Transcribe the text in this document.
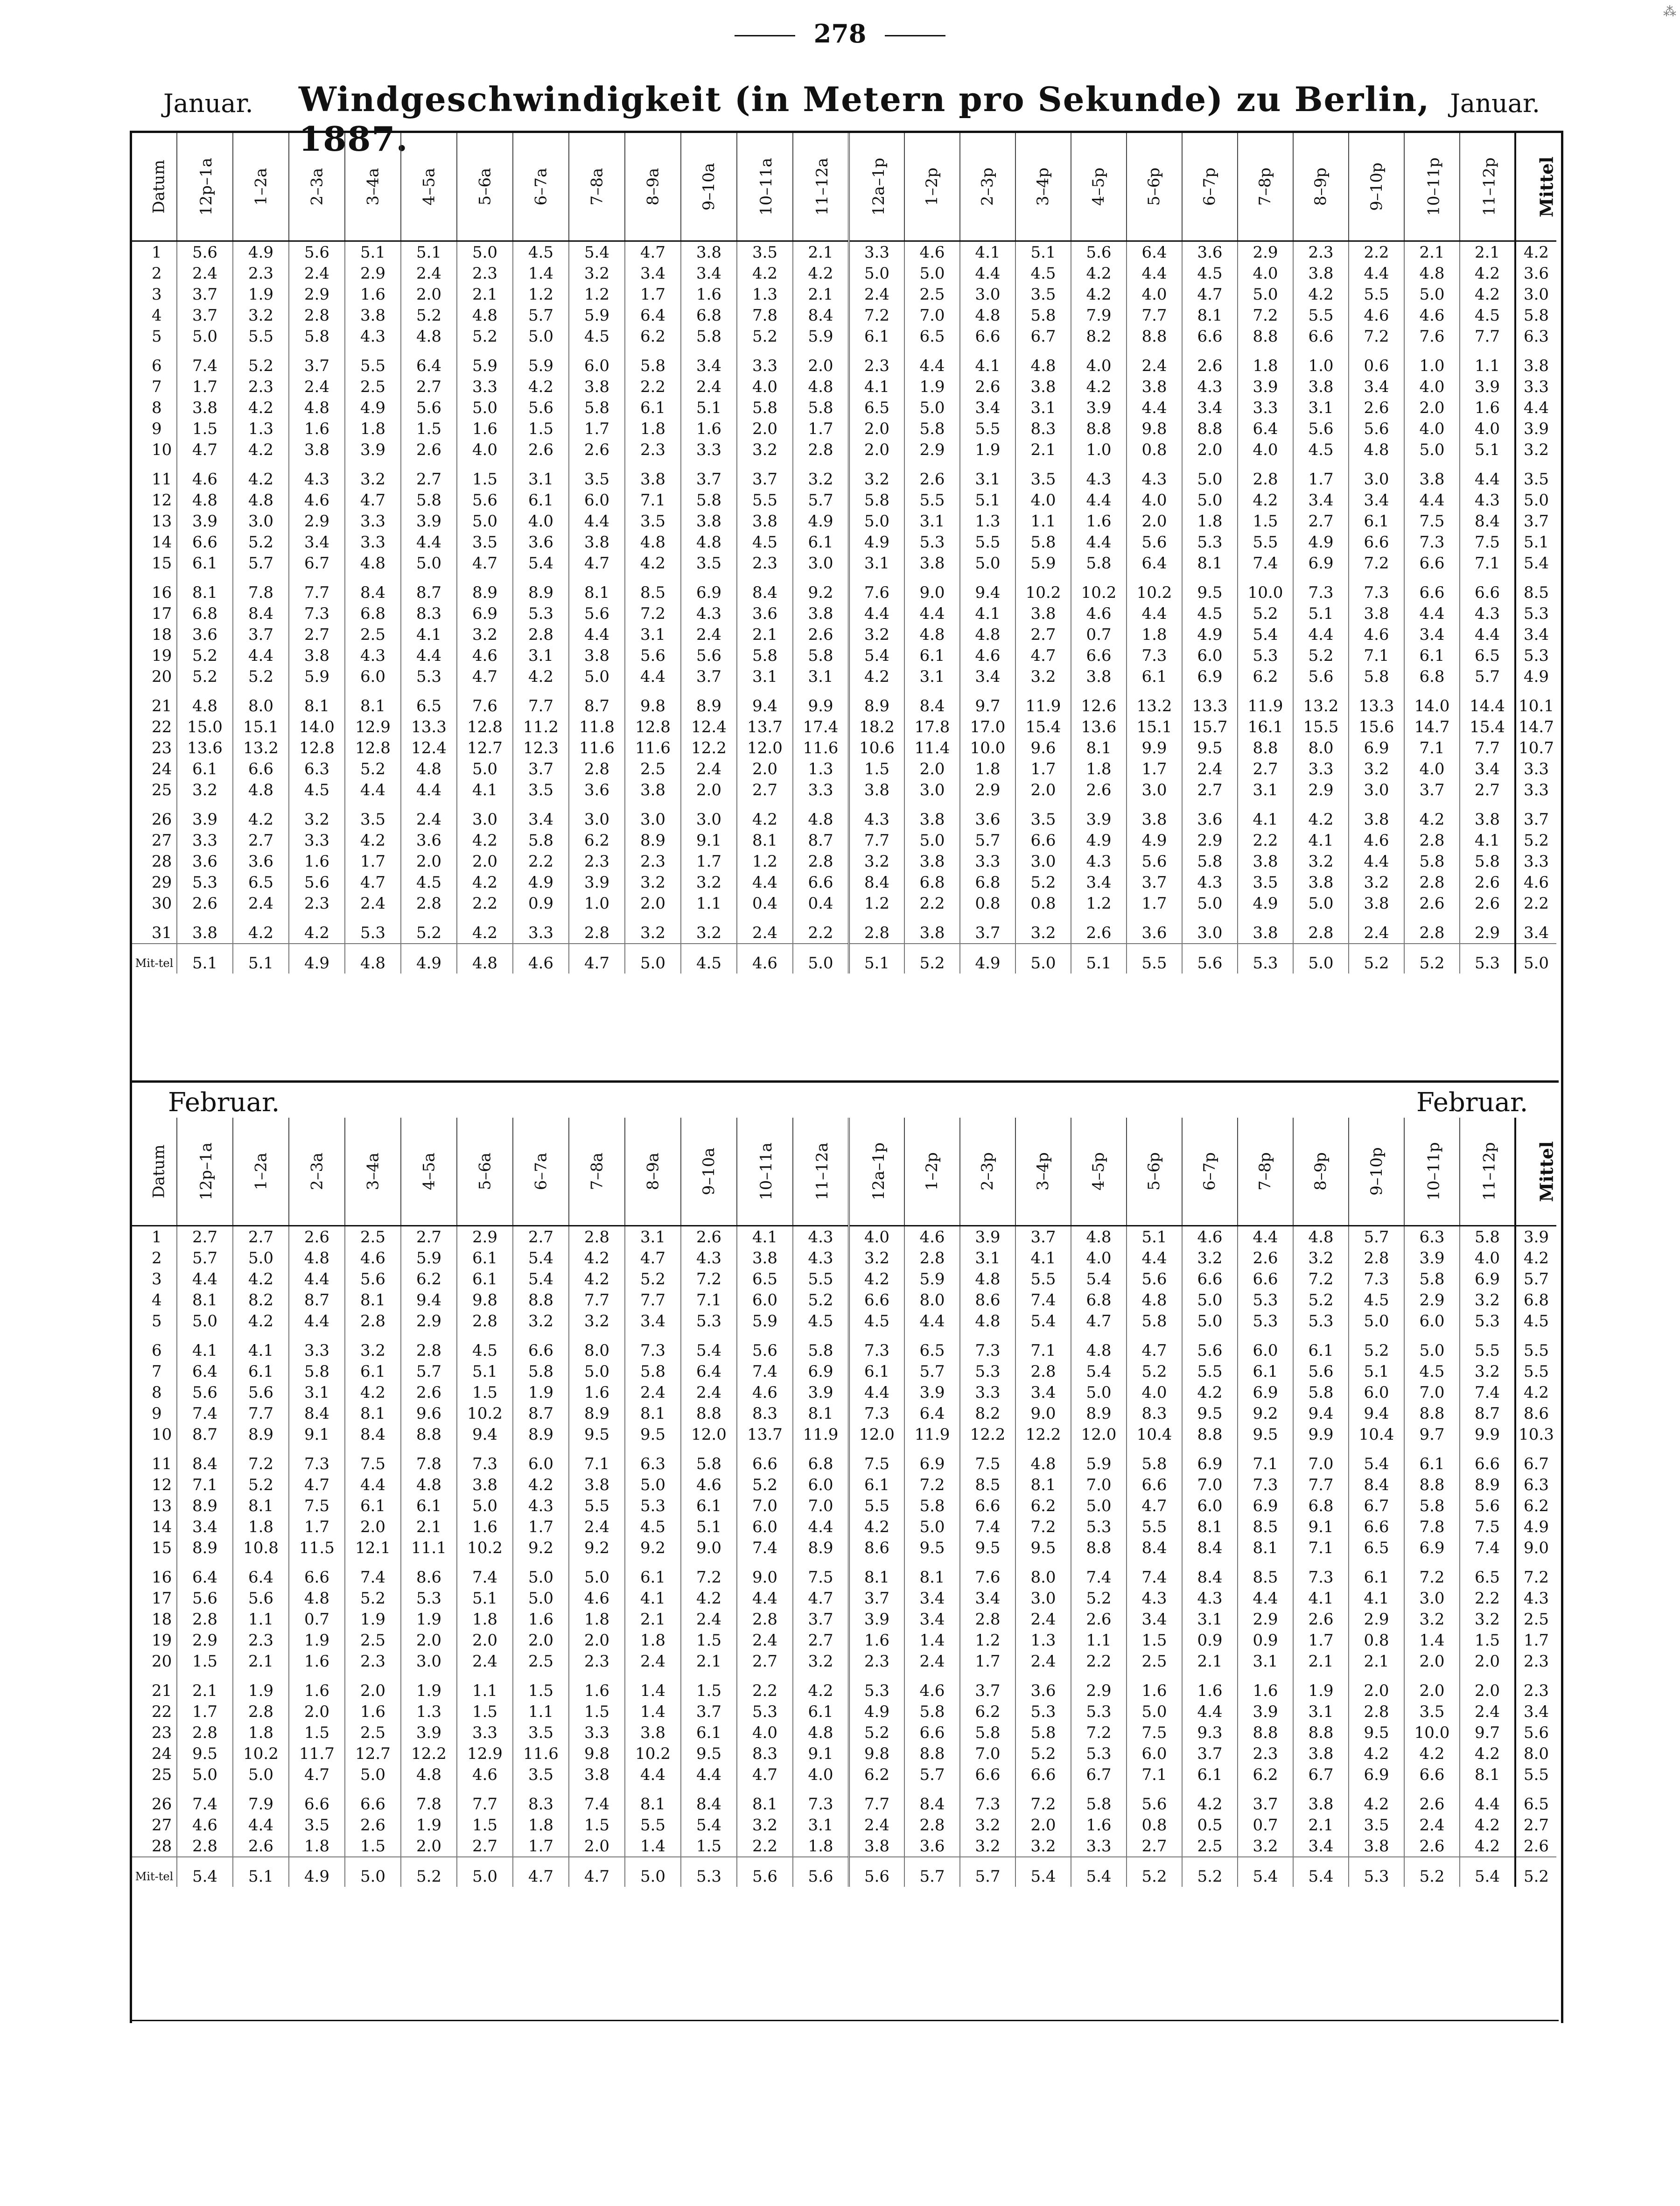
⁂
278
Januar. Windgeschwindigkeit (in Metern pro Sekunde) zu Berlin, 1887.
Januar.
Datum	12p–1a	1–2a	2–3a	3–4a	4–5a	5–6a	6–7a	7–8a	8–9a	9–10a	10–11a	11–12a	12a–1p	1–2p	2–3p	3–4p	4–5p	5–6p	6–7p	7–8p	8–9p	9–10p	10–11p	11–12p	Mittel
1	5.6	4.9	5.6	5.1	5.1	5.0	4.5	5.4	4.7	3.8	3.5	2.1	3.3	4.6	4.1	5.1	5.6	6.4	3.6	2.9	2.3	2.2	2.1	2.1	4.2
2	2.4	2.3	2.4	2.9	2.4	2.3	1.4	3.2	3.4	3.4	4.2	4.2	5.0	5.0	4.4	4.5	4.2	4.4	4.5	4.0	3.8	4.4	4.8	4.2	3.6
3	3.7	1.9	2.9	1.6	2.0	2.1	1.2	1.2	1.7	1.6	1.3	2.1	2.4	2.5	3.0	3.5	4.2	4.0	4.7	5.0	4.2	5.5	5.0	4.2	3.0
4	3.7	3.2	2.8	3.8	5.2	4.8	5.7	5.9	6.4	6.8	7.8	8.4	7.2	7.0	4.8	5.8	7.9	7.7	8.1	7.2	5.5	4.6	4.6	4.5	5.8
5	5.0	5.5	5.8	4.3	4.8	5.2	5.0	4.5	6.2	5.8	5.2	5.9	6.1	6.5	6.6	6.7	8.2	8.8	6.6	8.8	6.6	7.2	7.6	7.7	6.3
6	7.4	5.2	3.7	5.5	6.4	5.9	5.9	6.0	5.8	3.4	3.3	2.0	2.3	4.4	4.1	4.8	4.0	2.4	2.6	1.8	1.0	0.6	1.0	1.1	3.8
7	1.7	2.3	2.4	2.5	2.7	3.3	4.2	3.8	2.2	2.4	4.0	4.8	4.1	1.9	2.6	3.8	4.2	3.8	4.3	3.9	3.8	3.4	4.0	3.9	3.3
8	3.8	4.2	4.8	4.9	5.6	5.0	5.6	5.8	6.1	5.1	5.8	5.8	6.5	5.0	3.4	3.1	3.9	4.4	3.4	3.3	3.1	2.6	2.0	1.6	4.4
9	1.5	1.3	1.6	1.8	1.5	1.6	1.5	1.7	1.8	1.6	2.0	1.7	2.0	5.8	5.5	8.3	8.8	9.8	8.8	6.4	5.6	5.6	4.0	4.0	3.9
10	4.7	4.2	3.8	3.9	2.6	4.0	2.6	2.6	2.3	3.3	3.2	2.8	2.0	2.9	1.9	2.1	1.0	0.8	2.0	4.0	4.5	4.8	5.0	5.1	3.2
11	4.6	4.2	4.3	3.2	2.7	1.5	3.1	3.5	3.8	3.7	3.7	3.2	3.2	2.6	3.1	3.5	4.3	4.3	5.0	2.8	1.7	3.0	3.8	4.4	3.5
12	4.8	4.8	4.6	4.7	5.8	5.6	6.1	6.0	7.1	5.8	5.5	5.7	5.8	5.5	5.1	4.0	4.4	4.0	5.0	4.2	3.4	3.4	4.4	4.3	5.0
13	3.9	3.0	2.9	3.3	3.9	5.0	4.0	4.4	3.5	3.8	3.8	4.9	5.0	3.1	1.3	1.1	1.6	2.0	1.8	1.5	2.7	6.1	7.5	8.4	3.7
14	6.6	5.2	3.4	3.3	4.4	3.5	3.6	3.8	4.8	4.8	4.5	6.1	4.9	5.3	5.5	5.8	4.4	5.6	5.3	5.5	4.9	6.6	7.3	7.5	5.1
15	6.1	5.7	6.7	4.8	5.0	4.7	5.4	4.7	4.2	3.5	2.3	3.0	3.1	3.8	5.0	5.9	5.8	6.4	8.1	7.4	6.9	7.2	6.6	7.1	5.4
16	8.1	7.8	7.7	8.4	8.7	8.9	8.9	8.1	8.5	6.9	8.4	9.2	7.6	9.0	9.4	10.2	10.2	10.2	9.5	10.0	7.3	7.3	6.6	6.6	8.5
17	6.8	8.4	7.3	6.8	8.3	6.9	5.3	5.6	7.2	4.3	3.6	3.8	4.4	4.4	4.1	3.8	4.6	4.4	4.5	5.2	5.1	3.8	4.4	4.3	5.3
18	3.6	3.7	2.7	2.5	4.1	3.2	2.8	4.4	3.1	2.4	2.1	2.6	3.2	4.8	4.8	2.7	0.7	1.8	4.9	5.4	4.4	4.6	3.4	4.4	3.4
19	5.2	4.4	3.8	4.3	4.4	4.6	3.1	3.8	5.6	5.6	5.8	5.8	5.4	6.1	4.6	4.7	6.6	7.3	6.0	5.3	5.2	7.1	6.1	6.5	5.3
20	5.2	5.2	5.9	6.0	5.3	4.7	4.2	5.0	4.4	3.7	3.1	3.1	4.2	3.1	3.4	3.2	3.8	6.1	6.9	6.2	5.6	5.8	6.8	5.7	4.9
21	4.8	8.0	8.1	8.1	6.5	7.6	7.7	8.7	9.8	8.9	9.4	9.9	8.9	8.4	9.7	11.9	12.6	13.2	13.3	11.9	13.2	13.3	14.0	14.4	10.1
22	15.0	15.1	14.0	12.9	13.3	12.8	11.2	11.8	12.8	12.4	13.7	17.4	18.2	17.8	17.0	15.4	13.6	15.1	15.7	16.1	15.5	15.6	14.7	15.4	14.7
23	13.6	13.2	12.8	12.8	12.4	12.7	12.3	11.6	11.6	12.2	12.0	11.6	10.6	11.4	10.0	9.6	8.1	9.9	9.5	8.8	8.0	6.9	7.1	7.7	10.7
24	6.1	6.6	6.3	5.2	4.8	5.0	3.7	2.8	2.5	2.4	2.0	1.3	1.5	2.0	1.8	1.7	1.8	1.7	2.4	2.7	3.3	3.2	4.0	3.4	3.3
25	3.2	4.8	4.5	4.4	4.4	4.1	3.5	3.6	3.8	2.0	2.7	3.3	3.8	3.0	2.9	2.0	2.6	3.0	2.7	3.1	2.9	3.0	3.7	2.7	3.3
26	3.9	4.2	3.2	3.5	2.4	3.0	3.4	3.0	3.0	3.0	4.2	4.8	4.3	3.8	3.6	3.5	3.9	3.8	3.6	4.1	4.2	3.8	4.2	3.8	3.7
27	3.3	2.7	3.3	4.2	3.6	4.2	5.8	6.2	8.9	9.1	8.1	8.7	7.7	5.0	5.7	6.6	4.9	4.9	2.9	2.2	4.1	4.6	2.8	4.1	5.2
28	3.6	3.6	1.6	1.7	2.0	2.0	2.2	2.3	2.3	1.7	1.2	2.8	3.2	3.8	3.3	3.0	4.3	5.6	5.8	3.8	3.2	4.4	5.8	5.8	3.3
29	5.3	6.5	5.6	4.7	4.5	4.2	4.9	3.9	3.2	3.2	4.4	6.6	8.4	6.8	6.8	5.2	3.4	3.7	4.3	3.5	3.8	3.2	2.8	2.6	4.6
30	2.6	2.4	2.3	2.4	2.8	2.2	0.9	1.0	2.0	1.1	0.4	0.4	1.2	2.2	0.8	0.8	1.2	1.7	5.0	4.9	5.0	3.8	2.6	2.6	2.2
31	3.8	4.2	4.2	5.3	5.2	4.2	3.3	2.8	3.2	3.2	2.4	2.2	2.8	3.8	3.7	3.2	2.6	3.6	3.0	3.8	2.8	2.4	2.8	2.9	3.4
Mit-tel	5.1	5.1	4.9	4.8	4.9	4.8	4.6	4.7	5.0	4.5	4.6	5.0	5.1	5.2	4.9	5.0	5.1	5.5	5.6	5.3	5.0	5.2	5.2	5.3	5.0
Februar.	Februar.
Datum	12p–1a	1–2a	2–3a	3–4a	4–5a	5–6a	6–7a	7–8a	8–9a	9–10a	10–11a	11–12a	12a–1p	1–2p	2–3p	3–4p	4–5p	5–6p	6–7p	7–8p	8–9p	9–10p	10–11p	11–12p	Mittel
1	2.7	2.7	2.6	2.5	2.7	2.9	2.7	2.8	3.1	2.6	4.1	4.3	4.0	4.6	3.9	3.7	4.8	5.1	4.6	4.4	4.8	5.7	6.3	5.8	3.9
2	5.7	5.0	4.8	4.6	5.9	6.1	5.4	4.2	4.7	4.3	3.8	4.3	3.2	2.8	3.1	4.1	4.0	4.4	3.2	2.6	3.2	2.8	3.9	4.0	4.2
3	4.4	4.2	4.4	5.6	6.2	6.1	5.4	4.2	5.2	7.2	6.5	5.5	4.2	5.9	4.8	5.5	5.4	5.6	6.6	6.6	7.2	7.3	5.8	6.9	5.7
4	8.1	8.2	8.7	8.1	9.4	9.8	8.8	7.7	7.7	7.1	6.0	5.2	6.6	8.0	8.6	7.4	6.8	4.8	5.0	5.3	5.2	4.5	2.9	3.2	6.8
5	5.0	4.2	4.4	2.8	2.9	2.8	3.2	3.2	3.4	5.3	5.9	4.5	4.5	4.4	4.8	5.4	4.7	5.8	5.0	5.3	5.3	5.0	6.0	5.3	4.5
6	4.1	4.1	3.3	3.2	2.8	4.5	6.6	8.0	7.3	5.4	5.6	5.8	7.3	6.5	7.3	7.1	4.8	4.7	5.6	6.0	6.1	5.2	5.0	5.5	5.5
7	6.4	6.1	5.8	6.1	5.7	5.1	5.8	5.0	5.8	6.4	7.4	6.9	6.1	5.7	5.3	2.8	5.4	5.2	5.5	6.1	5.6	5.1	4.5	3.2	5.5
8	5.6	5.6	3.1	4.2	2.6	1.5	1.9	1.6	2.4	2.4	4.6	3.9	4.4	3.9	3.3	3.4	5.0	4.0	4.2	6.9	5.8	6.0	7.0	7.4	4.2
9	7.4	7.7	8.4	8.1	9.6	10.2	8.7	8.9	8.1	8.8	8.3	8.1	7.3	6.4	8.2	9.0	8.9	8.3	9.5	9.2	9.4	9.4	8.8	8.7	8.6
10	8.7	8.9	9.1	8.4	8.8	9.4	8.9	9.5	9.5	12.0	13.7	11.9	12.0	11.9	12.2	12.2	12.0	10.4	8.8	9.5	9.9	10.4	9.7	9.9	10.3
11	8.4	7.2	7.3	7.5	7.8	7.3	6.0	7.1	6.3	5.8	6.6	6.8	7.5	6.9	7.5	4.8	5.9	5.8	6.9	7.1	7.0	5.4	6.1	6.6	6.7
12	7.1	5.2	4.7	4.4	4.8	3.8	4.2	3.8	5.0	4.6	5.2	6.0	6.1	7.2	8.5	8.1	7.0	6.6	7.0	7.3	7.7	8.4	8.8	8.9	6.3
13	8.9	8.1	7.5	6.1	6.1	5.0	4.3	5.5	5.3	6.1	7.0	7.0	5.5	5.8	6.6	6.2	5.0	4.7	6.0	6.9	6.8	6.7	5.8	5.6	6.2
14	3.4	1.8	1.7	2.0	2.1	1.6	1.7	2.4	4.5	5.1	6.0	4.4	4.2	5.0	7.4	7.2	5.3	5.5	8.1	8.5	9.1	6.6	7.8	7.5	4.9
15	8.9	10.8	11.5	12.1	11.1	10.2	9.2	9.2	9.2	9.0	7.4	8.9	8.6	9.5	9.5	9.5	8.8	8.4	8.4	8.1	7.1	6.5	6.9	7.4	9.0
16	6.4	6.4	6.6	7.4	8.6	7.4	5.0	5.0	6.1	7.2	9.0	7.5	8.1	8.1	7.6	8.0	7.4	7.4	8.4	8.5	7.3	6.1	7.2	6.5	7.2
17	5.6	5.6	4.8	5.2	5.3	5.1	5.0	4.6	4.1	4.2	4.4	4.7	3.7	3.4	3.4	3.0	5.2	4.3	4.3	4.4	4.1	4.1	3.0	2.2	4.3
18	2.8	1.1	0.7	1.9	1.9	1.8	1.6	1.8	2.1	2.4	2.8	3.7	3.9	3.4	2.8	2.4	2.6	3.4	3.1	2.9	2.6	2.9	3.2	3.2	2.5
19	2.9	2.3	1.9	2.5	2.0	2.0	2.0	2.0	1.8	1.5	2.4	2.7	1.6	1.4	1.2	1.3	1.1	1.5	0.9	0.9	1.7	0.8	1.4	1.5	1.7
20	1.5	2.1	1.6	2.3	3.0	2.4	2.5	2.3	2.4	2.1	2.7	3.2	2.3	2.4	1.7	2.4	2.2	2.5	2.1	3.1	2.1	2.1	2.0	2.0	2.3
21	2.1	1.9	1.6	2.0	1.9	1.1	1.5	1.6	1.4	1.5	2.2	4.2	5.3	4.6	3.7	3.6	2.9	1.6	1.6	1.6	1.9	2.0	2.0	2.0	2.3
22	1.7	2.8	2.0	1.6	1.3	1.5	1.1	1.5	1.4	3.7	5.3	6.1	4.9	5.8	6.2	5.3	5.3	5.0	4.4	3.9	3.1	2.8	3.5	2.4	3.4
23	2.8	1.8	1.5	2.5	3.9	3.3	3.5	3.3	3.8	6.1	4.0	4.8	5.2	6.6	5.8	5.8	7.2	7.5	9.3	8.8	8.8	9.5	10.0	9.7	5.6
24	9.5	10.2	11.7	12.7	12.2	12.9	11.6	9.8	10.2	9.5	8.3	9.1	9.8	8.8	7.0	5.2	5.3	6.0	3.7	2.3	3.8	4.2	4.2	4.2	8.0
25	5.0	5.0	4.7	5.0	4.8	4.6	3.5	3.8	4.4	4.4	4.7	4.0	6.2	5.7	6.6	6.6	6.7	7.1	6.1	6.2	6.7	6.9	6.6	8.1	5.5
26	7.4	7.9	6.6	6.6	7.8	7.7	8.3	7.4	8.1	8.4	8.1	7.3	7.7	8.4	7.3	7.2	5.8	5.6	4.2	3.7	3.8	4.2	2.6	4.4	6.5
27	4.6	4.4	3.5	2.6	1.9	1.5	1.8	1.5	5.5	5.4	3.2	3.1	2.4	2.8	3.2	2.0	1.6	0.8	0.5	0.7	2.1	3.5	2.4	4.2	2.7
28	2.8	2.6	1.8	1.5	2.0	2.7	1.7	2.0	1.4	1.5	2.2	1.8	3.8	3.6	3.2	3.2	3.3	2.7	2.5	3.2	3.4	3.8	2.6	4.2	2.6
Mit-tel	5.4	5.1	4.9	5.0	5.2	5.0	4.7	4.7	5.0	5.3	5.6	5.6	5.6	5.7	5.7	5.4	5.4	5.2	5.2	5.4	5.4	5.3	5.2	5.4	5.2
